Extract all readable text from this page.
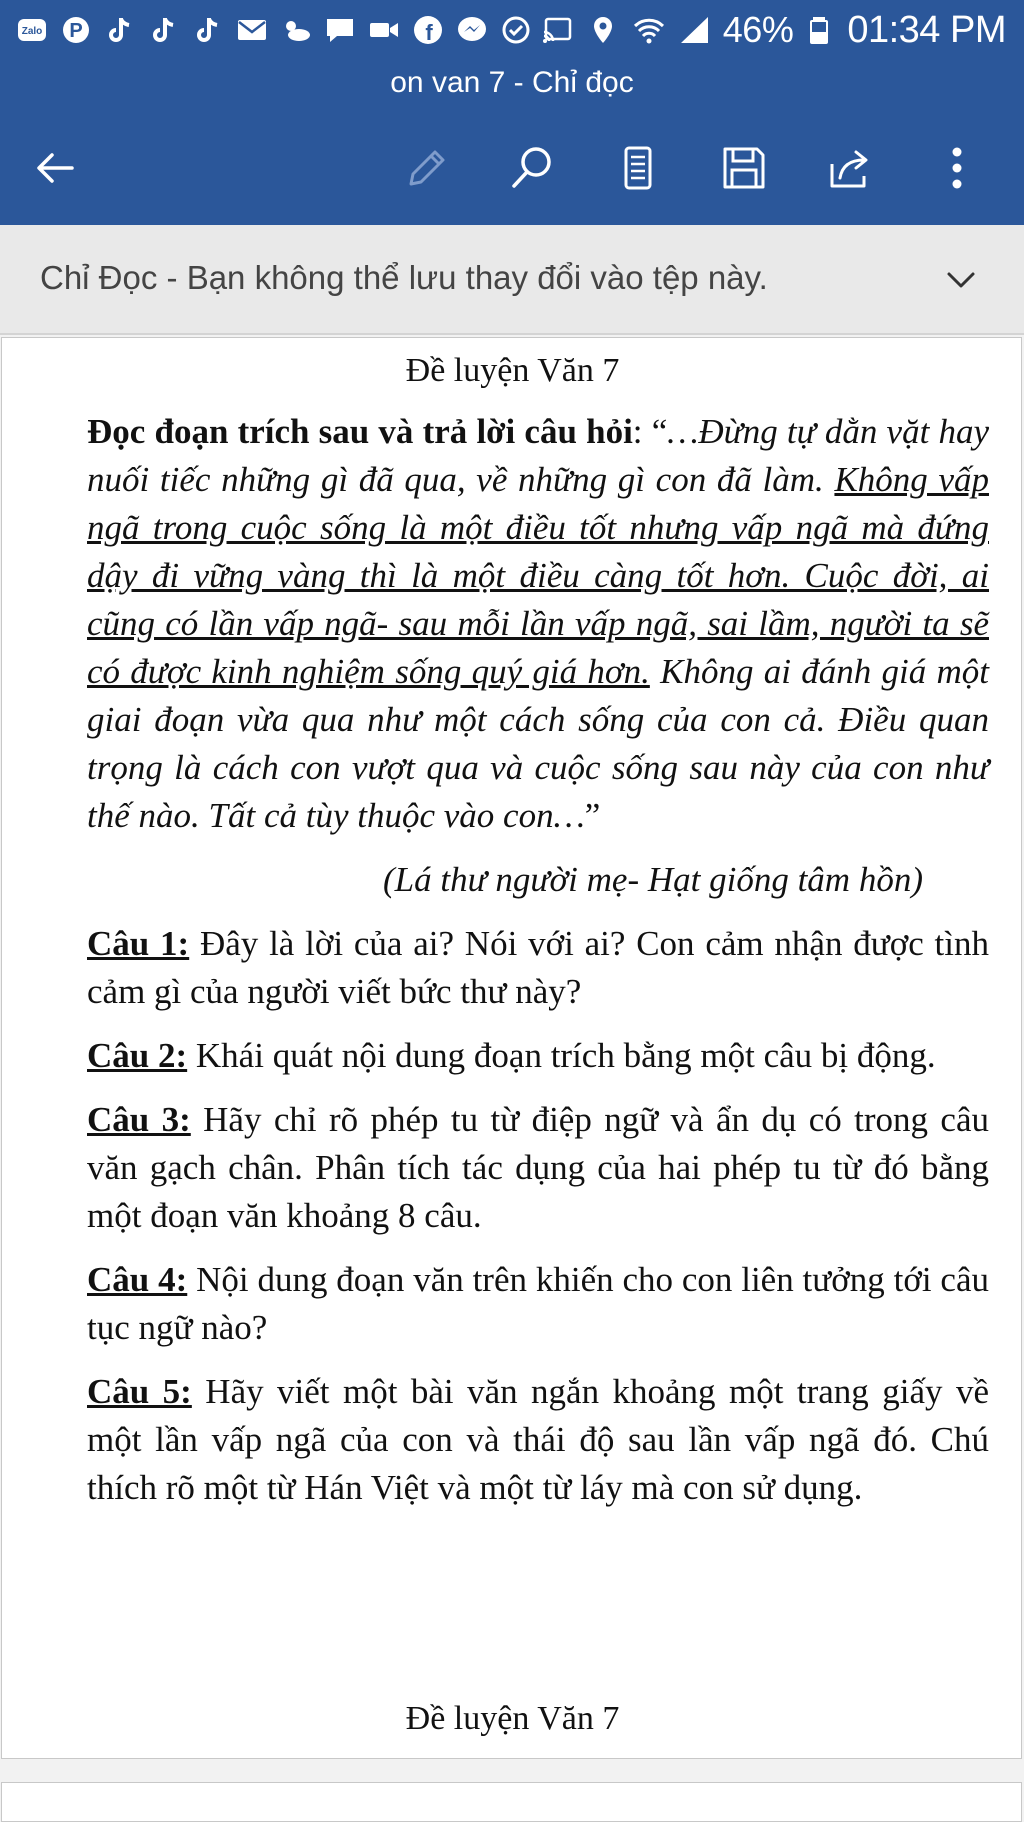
Zalo P	f	46% 01:34 PM
on van 7 - Chỉ đọc
Chỉ Đọc - Bạn không thể lưu thay đổi vào tệp này.
Đề luyện Văn 7

Đọc đoạn trích sau và trả lời câu hỏi: “…Đừng tự dằn vặt hay nuối tiếc những gì đã qua, về những gì con đã làm. Không vấp ngã trong cuộc sống là một điều tốt nhưng vấp ngã mà đứng dậy đi vững vàng thì là một điều càng tốt hơn. Cuộc đời, ai cũng có lần vấp ngã- sau mỗi lần vấp ngã, sai lầm, người ta sẽ có được kinh nghiệm sống quý giá hơn. Không ai đánh giá một giai đoạn vừa qua như một cách sống của con cả. Điều quan trọng là cách con vượt qua và cuộc sống sau này của con như thế nào. Tất cả tùy thuộc vào con…”

(Lá thư người mẹ- Hạt giống tâm hồn)

Câu 1: Đây là lời của ai? Nói với ai? Con cảm nhận được tình cảm gì của người viết bức thư này?

Câu 2: Khái quát nội dung đoạn trích bằng một câu bị động.

Câu 3: Hãy chỉ rõ phép tu từ điệp ngữ và ẩn dụ có trong câu văn gạch chân. Phân tích tác dụng của hai phép tu từ đó bằng một đoạn văn khoảng 8 câu.

Câu 4: Nội dung đoạn văn trên khiến cho con liên tưởng tới câu tục ngữ nào?

Câu 5: Hãy viết một bài văn ngắn khoảng một trang giấy về một lần vấp ngã của con và thái độ sau lần vấp ngã đó. Chú thích rõ một từ Hán Việt và một từ láy mà con sử dụng.

Đề luyện Văn 7
